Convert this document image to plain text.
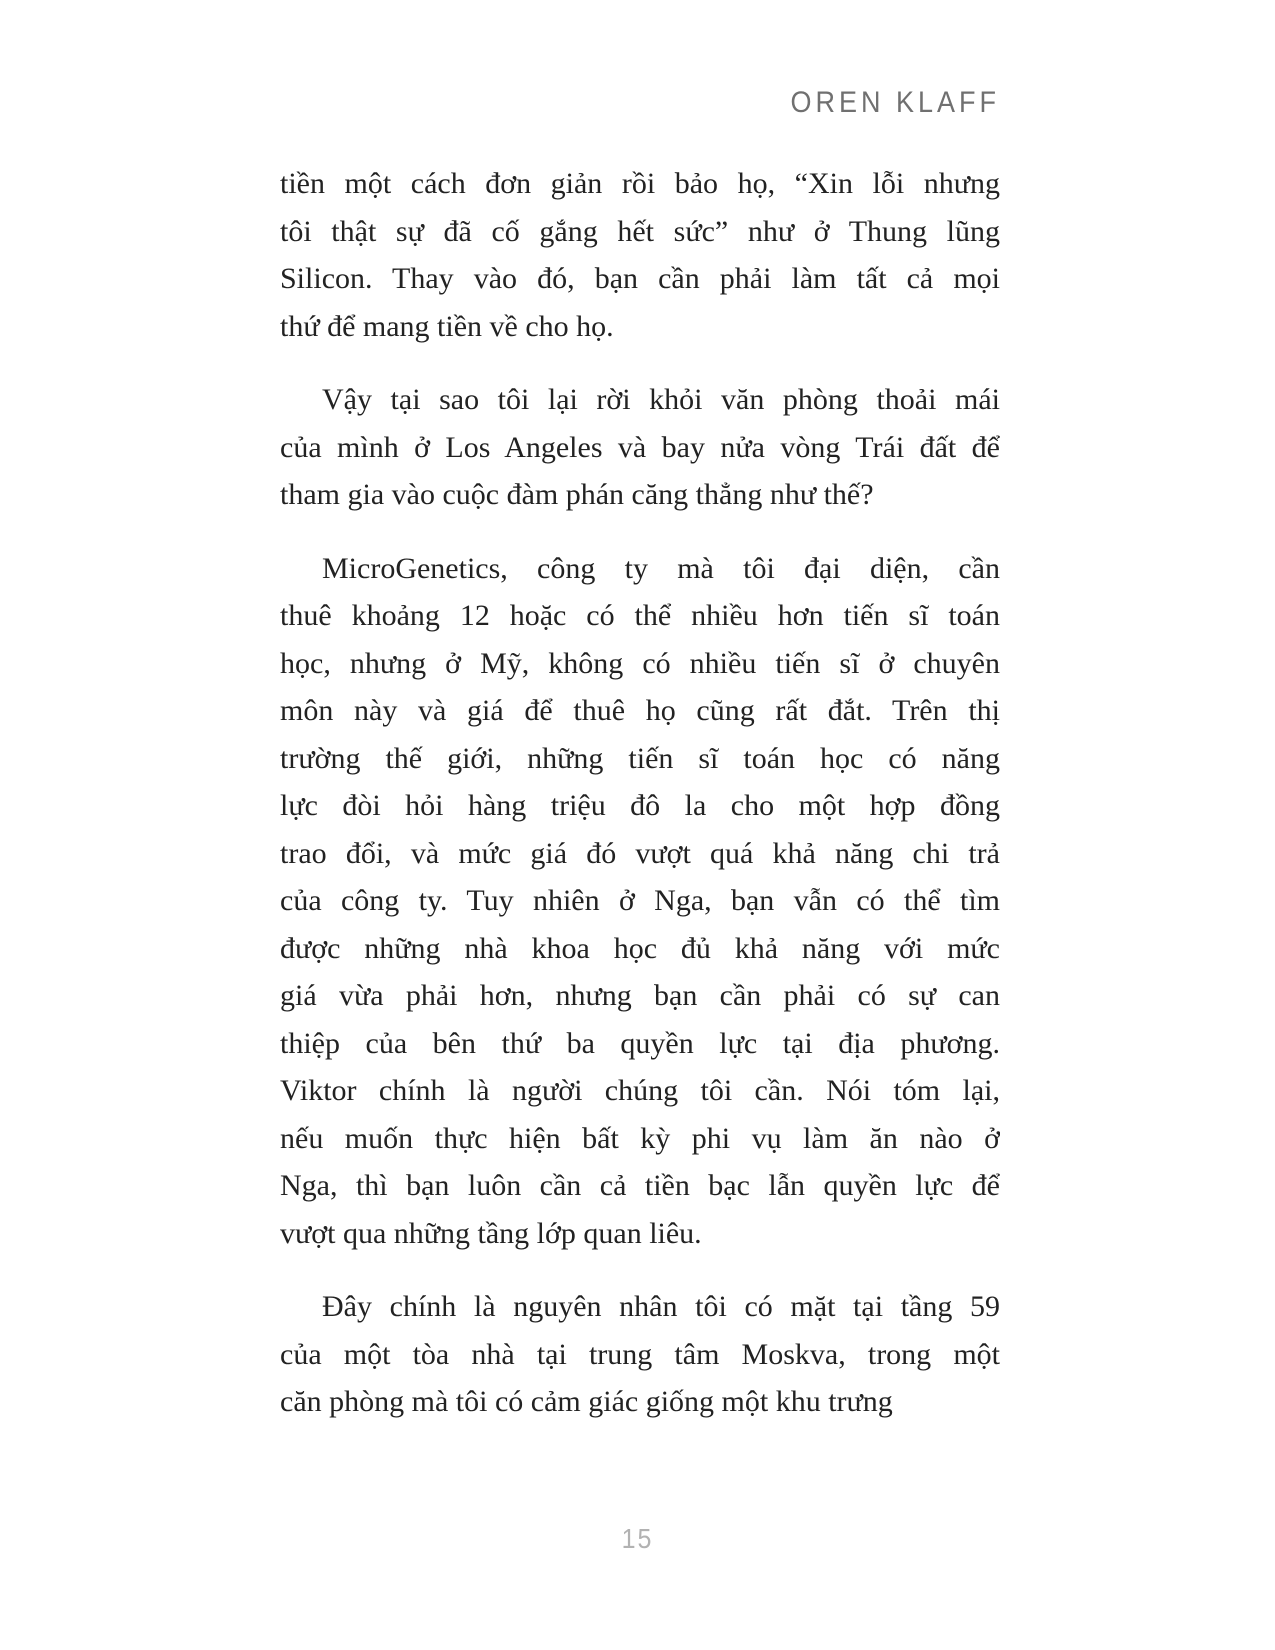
OREN KLAFF
tiền một cách đơn giản rồi bảo họ, “Xin lỗi nhưng
tôi thật sự đã cố gắng hết sức” như ở Thung lũng
Silicon. Thay vào đó, bạn cần phải làm tất cả mọi
thứ để mang tiền về cho họ.
Vậy tại sao tôi lại rời khỏi văn phòng thoải mái
của mình ở Los Angeles và bay nửa vòng Trái đất để
tham gia vào cuộc đàm phán căng thẳng như thế?
MicroGenetics, công ty mà tôi đại diện, cần
thuê khoảng 12 hoặc có thể nhiều hơn tiến sĩ toán
học, nhưng ở Mỹ, không có nhiều tiến sĩ ở chuyên
môn này và giá để thuê họ cũng rất đắt. Trên thị
trường thế giới, những tiến sĩ toán học có năng
lực đòi hỏi hàng triệu đô la cho một hợp đồng
trao đổi, và mức giá đó vượt quá khả năng chi trả
của công ty. Tuy nhiên ở Nga, bạn vẫn có thể tìm
được những nhà khoa học đủ khả năng với mức
giá vừa phải hơn, nhưng bạn cần phải có sự can
thiệp của bên thứ ba quyền lực tại địa phương.
Viktor chính là người chúng tôi cần. Nói tóm lại,
nếu muốn thực hiện bất kỳ phi vụ làm ăn nào ở
Nga, thì bạn luôn cần cả tiền bạc lẫn quyền lực để
vượt qua những tầng lớp quan liêu.
Đây chính là nguyên nhân tôi có mặt tại tầng 59
của một tòa nhà tại trung tâm Moskva, trong một
căn phòng mà tôi có cảm giác giống một khu trưng
15
